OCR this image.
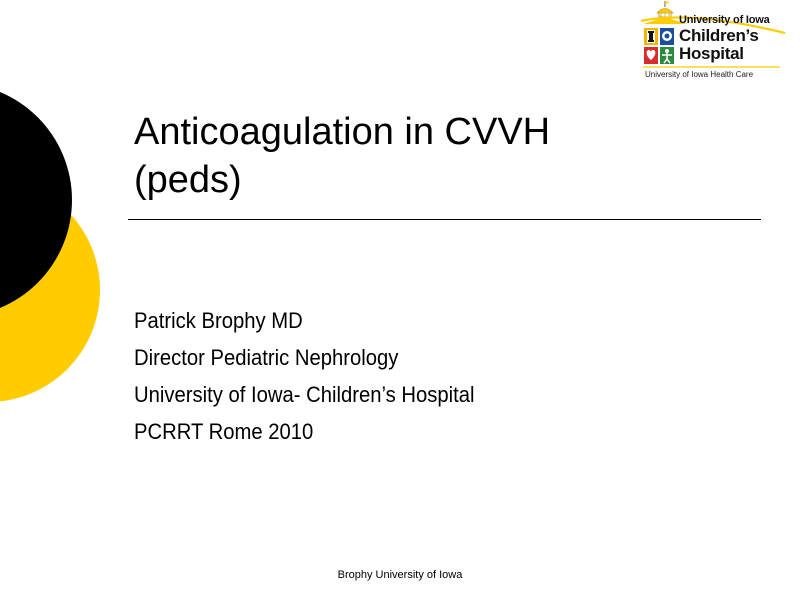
University of Iowa
Children’s
Hospital
University of Iowa Health Care
Anticoagulation in CVVH
(peds)
Patrick Brophy MD
Director Pediatric Nephrology
University of Iowa- Children’s Hospital
PCRRT Rome 2010
Brophy University of Iowa
